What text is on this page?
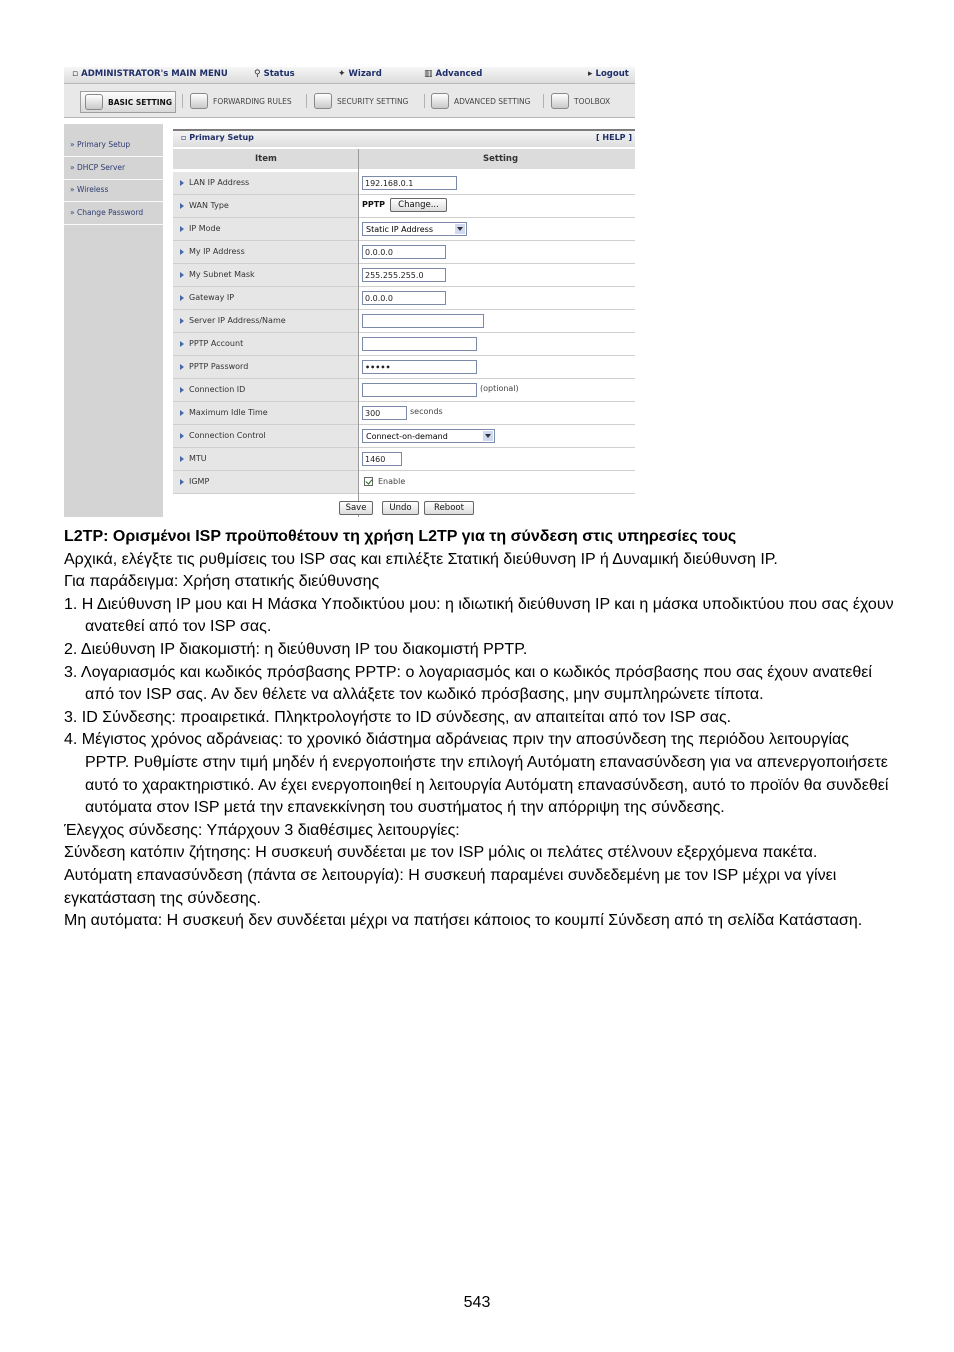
▫ ADMINISTRATOR's MAIN MENU	⚲ Status	✦ Wizard	▥ Advanced	▸ Logout
BASIC SETTING	FORWARDING RULES	SECURITY SETTING	ADVANCED SETTING	TOOLBOX
» Primary Setup
» DHCP Server
» Wireless
» Change Password
▫ Primary Setup	[ HELP ]
Item	Setting
LAN IP Address	192.168.0.1
WAN Type	PPTP	Change...
IP Mode	Static IP Address
My IP Address	0.0.0.0
My Subnet Mask	255.255.255.0
Gateway IP	0.0.0.0
Server IP Address/Name
PPTP Account
PPTP Password	•••••
Connection ID	(optional)
Maximum Idle Time	300	seconds
Connection Control	Connect-on-demand
MTU	1460
IGMP	Enable
Save	Undo	Reboot

L2TP: Ορισμένοι ISP προϋποθέτουν τη χρήση L2TP για τη σύνδεση στις υπηρεσίες τους

Αρχικά, ελέγξτε τις ρυθμίσεις του ISP σας και επιλέξτε Στατική διεύθυνση IP ή Δυναμική διεύθυνση IP.

Για παράδειγμα: Χρήση στατικής διεύθυνσης

1. Η Διεύθυνση IP μου και Η Μάσκα Υποδικτύου μου: η ιδιωτική διεύθυνση IP και η μάσκα υποδικτύου που σας έχουν ανατεθεί από τον ISP σας.

2. Διεύθυνση IP διακομιστή: η διεύθυνση IP του διακομιστή PPTP.

3. Λογαριασμός και κωδικός πρόσβασης PPTP: ο λογαριασμός και ο κωδικός πρόσβασης που σας έχουν ανατεθεί από τον ISP σας. Αν δεν θέλετε να αλλάξετε τον κωδικό πρόσβασης, μην συμπληρώνετε τίποτα.

3. ID Σύνδεσης: προαιρετικά. Πληκτρολογήστε το ID σύνδεσης, αν απαιτείται από τον ISP σας.

4. Μέγιστος χρόνος αδράνειας: το χρονικό διάστημα αδράνειας πριν την αποσύνδεση της περιόδου λειτουργίας PPTP. Ρυθμίστε στην τιμή μηδέν ή ενεργοποιήστε την επιλογή Αυτόματη επανασύνδεση για να απενεργοποιήσετε αυτό το χαρακτηριστικό. Αν έχει ενεργοποιηθεί η λειτουργία Αυτόματη επανασύνδεση, αυτό το προϊόν θα συνδεθεί αυτόματα στον ISP μετά την επανεκκίνηση του συστήματος ή την απόρριψη της σύνδεσης.

Έλεγχος σύνδεσης: Υπάρχουν 3 διαθέσιμες λειτουργίες:

Σύνδεση κατόπιν ζήτησης: Η συσκευή συνδέεται με τον ISP μόλις οι πελάτες στέλνουν εξερχόμενα πακέτα.

Αυτόματη επανασύνδεση (πάντα σε λειτουργία): Η συσκευή παραμένει συνδεδεμένη με τον ISP μέχρι να γίνει εγκατάσταση της σύνδεσης.

Μη αυτόματα: Η συσκευή δεν συνδέεται μέχρι να πατήσει κάποιος το κουμπί Σύνδεση από τη σελίδα Κατάσταση.

543
